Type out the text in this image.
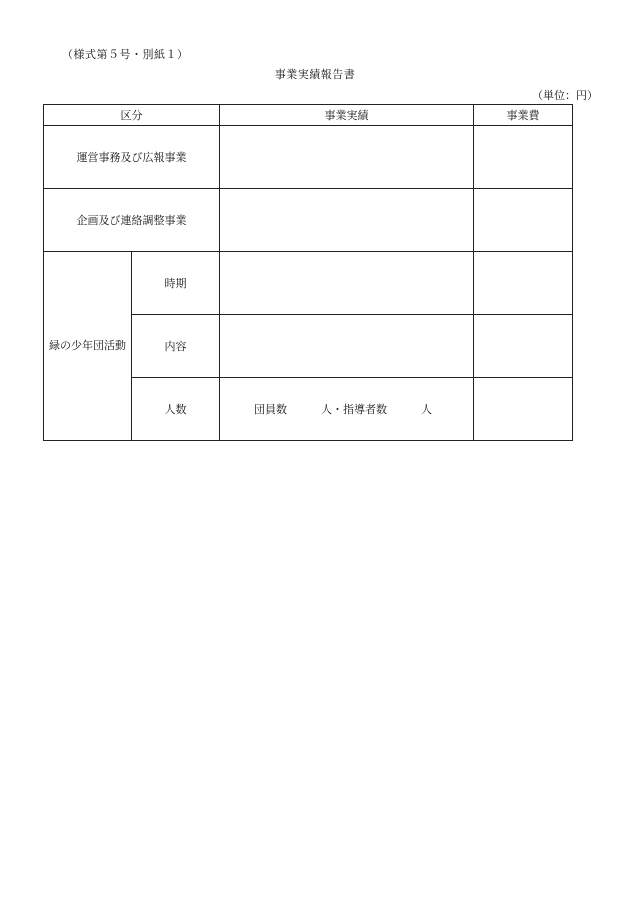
（様式第５号・別紙１）
事業実績報告書
（単位：円）
区分		事業実績	事業費
運営事務及び広報事業			
企画及び連絡調整事業			
緑の少年団活動	時期		
	内容		
	人数	団員数 人・指導者数 人	
